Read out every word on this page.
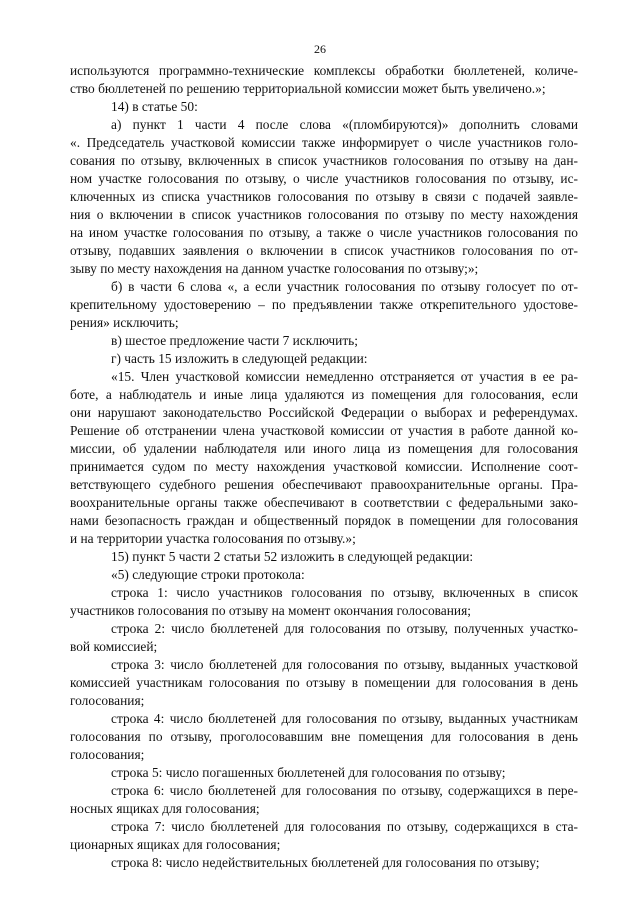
26
используются программно-технические комплексы обработки бюллетеней, количе-
ство бюллетеней по решению территориальной комиссии может быть увеличено.»;
14) в статье 50:
а) пункт 1 части 4 после слова «(пломбируются)» дополнить словами
«. Председатель участковой комиссии также информирует о числе участников голо-
сования по отзыву, включенных в список участников голосования по отзыву на дан-
ном участке голосования по отзыву, о числе участников голосования по отзыву, ис-
ключенных из списка участников голосования по отзыву в связи с подачей заявле-
ния о включении в список участников голосования по отзыву по месту нахождения
на ином участке голосования по отзыву, а также о числе участников голосования по
отзыву, подавших заявления о включении в список участников голосования по от-
зыву по месту нахождения на данном участке голосования по отзыву;»;
б) в части 6 слова «, а если участник голосования по отзыву голосует по от-
крепительному удостоверению – по предъявлении также открепительного удостове-
рения» исключить;
в) шестое предложение части 7 исключить;
г) часть 15 изложить в следующей редакции:
«15. Член участковой комиссии немедленно отстраняется от участия в ее ра-
боте, а наблюдатель и иные лица удаляются из помещения для голосования, если
они нарушают законодательство Российской Федерации о выборах и референдумах.
Решение об отстранении члена участковой комиссии от участия в работе данной ко-
миссии, об удалении наблюдателя или иного лица из помещения для голосования
принимается судом по месту нахождения участковой комиссии. Исполнение соот-
ветствующего судебного решения обеспечивают правоохранительные органы. Пра-
воохранительные органы также обеспечивают в соответствии с федеральными зако-
нами безопасность граждан и общественный порядок в помещении для голосования
и на территории участка голосования по отзыву.»;
15) пункт 5 части 2 статьи 52 изложить в следующей редакции:
«5) следующие строки протокола:
строка 1: число участников голосования по отзыву, включенных в список
участников голосования по отзыву на момент окончания голосования;
строка 2: число бюллетеней для голосования по отзыву, полученных участко-
вой комиссией;
строка 3: число бюллетеней для голосования по отзыву, выданных участковой
комиссией участникам голосования по отзыву в помещении для голосования в день
голосования;
строка 4: число бюллетеней для голосования по отзыву, выданных участникам
голосования по отзыву, проголосовавшим вне помещения для голосования в день
голосования;
строка 5: число погашенных бюллетеней для голосования по отзыву;
строка 6: число бюллетеней для голосования по отзыву, содержащихся в пере-
носных ящиках для голосования;
строка 7: число бюллетеней для голосования по отзыву, содержащихся в ста-
ционарных ящиках для голосования;
строка 8: число недействительных бюллетеней для голосования по отзыву;
